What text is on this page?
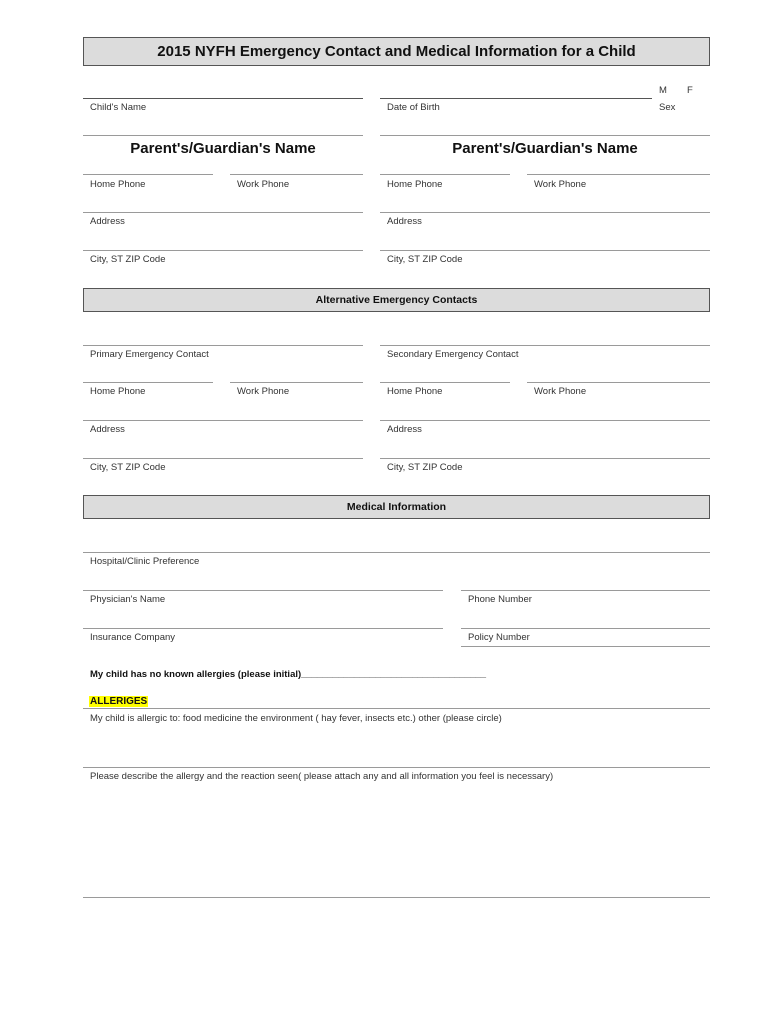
2015 NYFH Emergency Contact and Medical Information for a Child
Child's Name	Date of Birth
M F
Sex
Parent's/Guardian's Name	Parent's/Guardian's Name
Home Phone	Work Phone	Home Phone	Work Phone
Address	Address
City, ST ZIP Code	City, ST ZIP Code
Alternative Emergency Contacts
Primary Emergency Contact	Secondary Emergency Contact
Home Phone	Work Phone	Home Phone	Work Phone
Address	Address
City, ST ZIP Code	City, ST ZIP Code
Medical Information
Hospital/Clinic Preference
Physician's Name	Phone Number
Insurance Company	Policy Number
My child has no known allergies (please initial)___________________________________
ALLERIGES
My child is allergic to: food medicine the environment ( hay fever, insects etc.) other (please circle)
Please describe the allergy and the reaction seen( please attach any and all information you feel is necessary)
